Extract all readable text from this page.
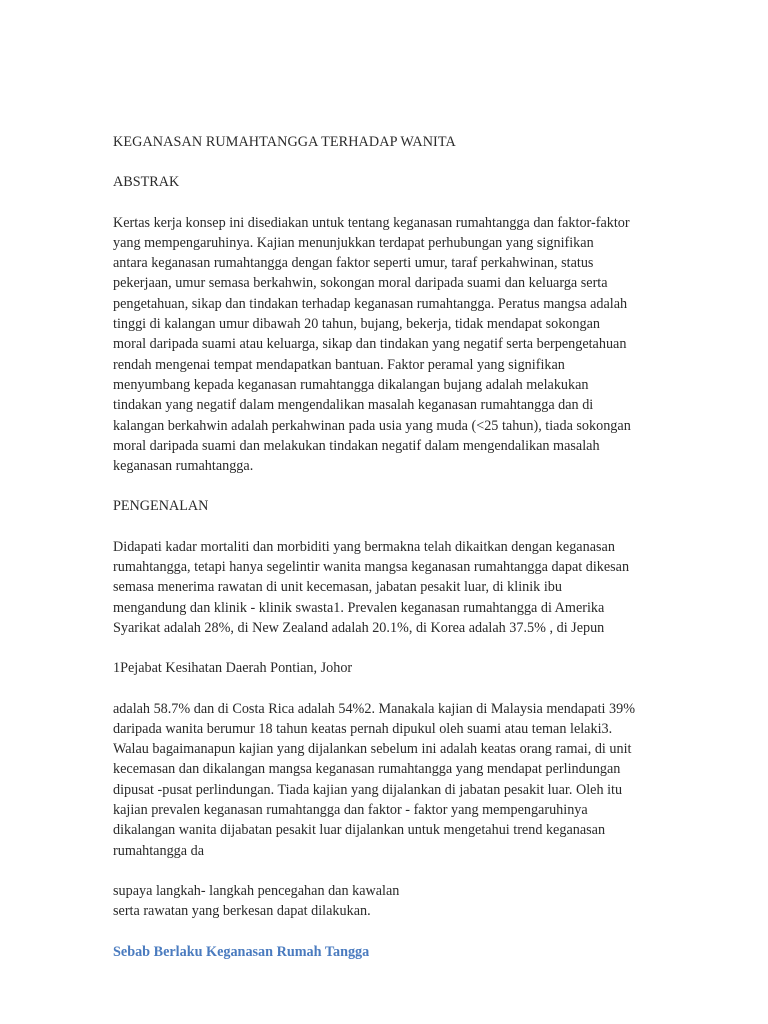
KEGANASAN RUMAHTANGGA TERHADAP WANITA
ABSTRAK

Kertas kerja konsep ini disediakan untuk tentang keganasan rumahtangga dan faktor-faktor yang mempengaruhinya. Kajian menunjukkan terdapat perhubungan yang signifikan antara keganasan rumahtangga dengan faktor seperti umur, taraf perkahwinan, status pekerjaan, umur semasa berkahwin, sokongan moral daripada suami dan keluarga serta pengetahuan, sikap dan tindakan terhadap keganasan rumahtangga. Peratus mangsa adalah tinggi di kalangan umur dibawah 20 tahun, bujang, bekerja, tidak mendapat sokongan moral daripada suami atau keluarga, sikap dan tindakan yang negatif serta berpengetahuan rendah mengenai tempat mendapatkan bantuan. Faktor peramal yang signifikan menyumbang kepada keganasan rumahtangga dikalangan bujang adalah melakukan tindakan yang negatif dalam mengendalikan masalah keganasan rumahtangga dan di kalangan berkahwin adalah perkahwinan pada usia yang muda (<25 tahun), tiada sokongan moral daripada suami dan melakukan tindakan negatif dalam mengendalikan masalah keganasan rumahtangga.

PENGENALAN

Didapati kadar mortaliti dan morbiditi yang bermakna telah dikaitkan dengan keganasan rumahtangga, tetapi hanya segelintir wanita mangsa keganasan rumahtangga dapat dikesan semasa menerima rawatan di unit kecemasan, jabatan pesakit luar, di klinik ibu mengandung dan klinik - klinik swasta1. Prevalen keganasan rumahtangga di Amerika Syarikat adalah 28%, di New Zealand adalah 20.1%, di Korea adalah 37.5% , di Jepun

1Pejabat Kesihatan Daerah Pontian, Johor

adalah 58.7% dan di Costa Rica adalah 54%2. Manakala kajian di Malaysia mendapati 39% daripada wanita berumur 18 tahun keatas pernah dipukul oleh suami atau teman lelaki3. Walau bagaimanapun kajian yang dijalankan sebelum ini adalah keatas orang ramai, di unit kecemasan dan dikalangan mangsa keganasan rumahtangga yang mendapat perlindungan dipusat -pusat perlindungan. Tiada kajian yang dijalankan di jabatan pesakit luar. Oleh itu kajian prevalen keganasan rumahtangga dan faktor - faktor yang mempengaruhinya dikalangan wanita dijabatan pesakit luar dijalankan untuk mengetahui trend keganasan rumahtangga da

supaya langkah- langkah pencegahan dan kawalan

serta rawatan yang berkesan dapat dilakukan.

Sebab Berlaku Keganasan Rumah Tangga
